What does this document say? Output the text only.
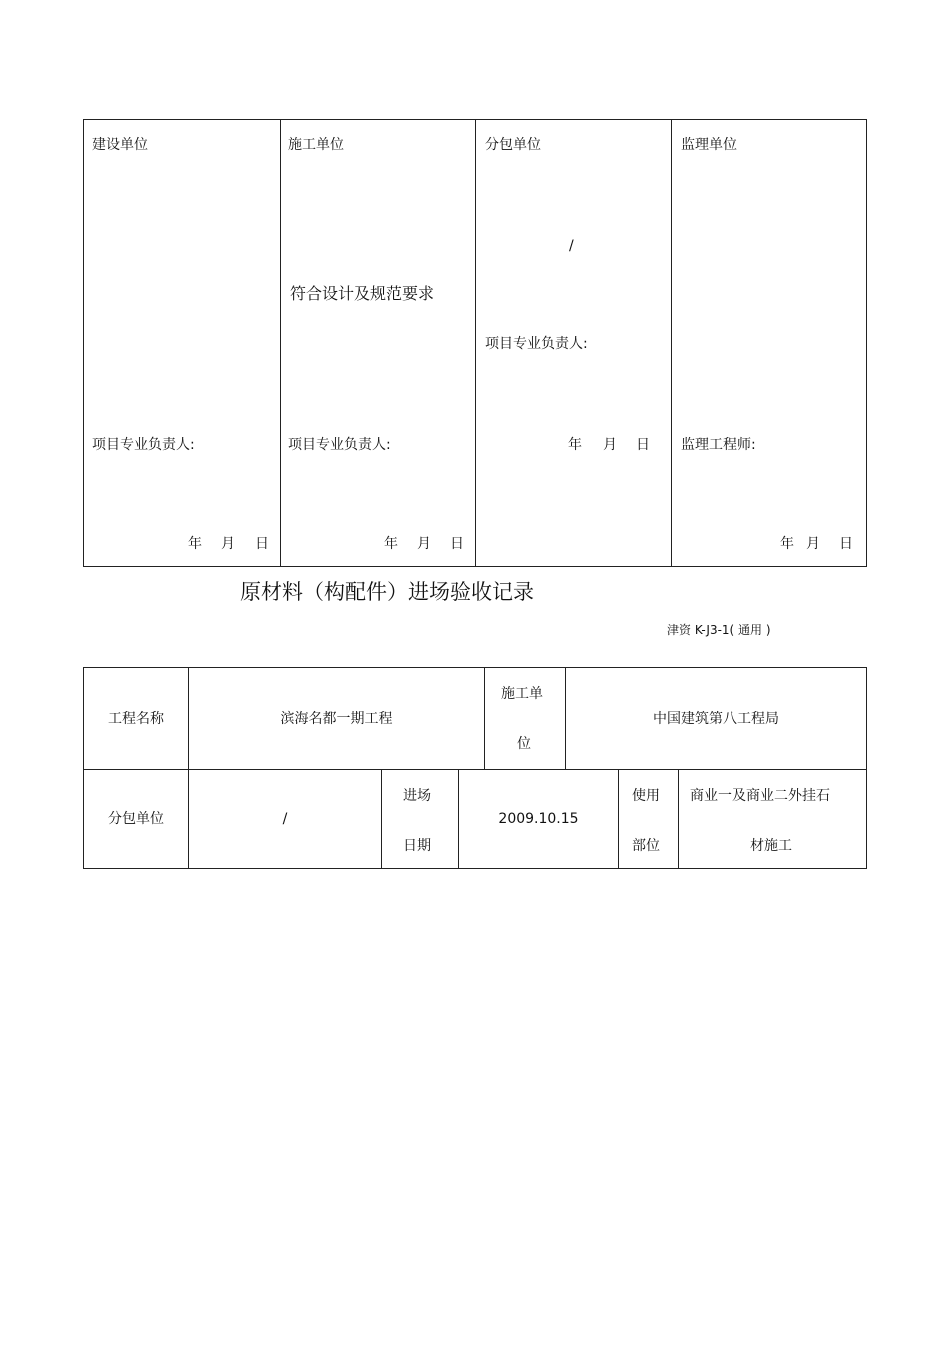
建设单位
项目专业负责人:
年 月 日
施工单位
符合设计及规范要求
项目专业负责人:
年 月 日
分包单位
/
项目专业负责人:
年 月 日
监理单位
监理工程师:
年 月 日
原材料（构配件）进场验收记录
津资 K-J3-1( 通用 )
工程名称	滨海名都一期工程
施工单
位
中国建筑第八工程局
分包单位	/
进场
日期
2009.10.15
使用
部位
商业一及商业二外挂石
材施工
